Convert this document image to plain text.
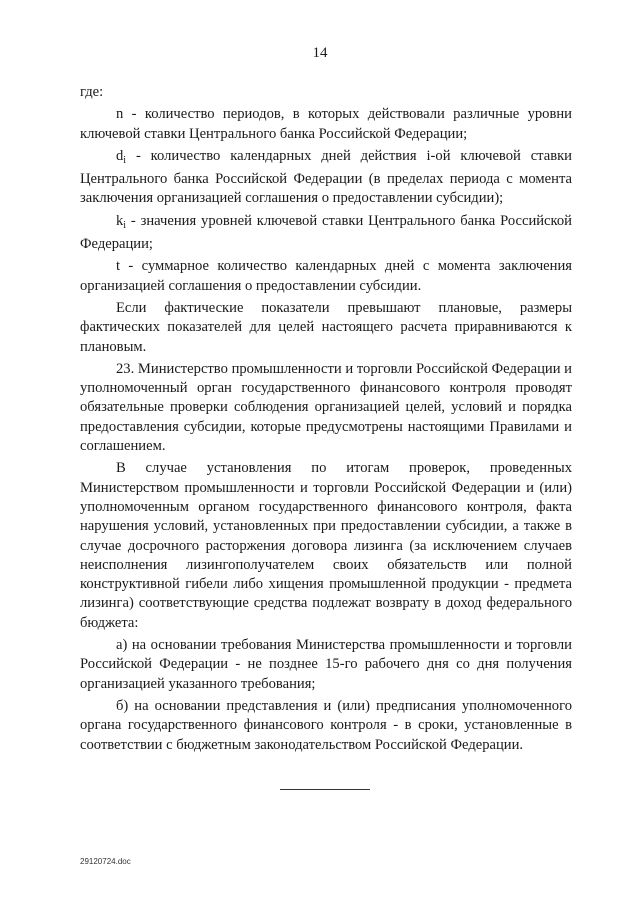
14

где:

n - количество периодов, в которых действовали различные уровни ключевой ставки Центрального банка Российской Федерации;

$d_i$ - количество календарных дней действия i-ой ключевой ставки Центрального банка Российской Федерации (в пределах периода с момента заключения организацией соглашения о предоставлении субсидии);

$k_i$ - значения уровней ключевой ставки Центрального банка Российской Федерации;

t - суммарное количество календарных дней с момента заключения организацией соглашения о предоставлении субсидии.

Если фактические показатели превышают плановые, размеры фактических показателей для целей настоящего расчета приравниваются к плановым.

23. Министерство промышленности и торговли Российской Федерации и уполномоченный орган государственного финансового контроля проводят обязательные проверки соблюдения организацией целей, условий и порядка предоставления субсидии, которые предусмотрены настоящими Правилами и соглашением.

В случае установления по итогам проверок, проведенных Министерством промышленности и торговли Российской Федерации и (или) уполномоченным органом государственного финансового контроля, факта нарушения условий, установленных при предоставлении субсидии, а также в случае досрочного расторжения договора лизинга (за исключением случаев неисполнения лизингополучателем своих обязательств или полной конструктивной гибели либо хищения промышленной продукции - предмета лизинга) соответствующие средства подлежат возврату в доход федерального бюджета:

а) на основании требования Министерства промышленности и торговли Российской Федерации - не позднее 15-го рабочего дня со дня получения организацией указанного требования;

б) на основании представления и (или) предписания уполномоченного органа государственного финансового контроля - в сроки, установленные в соответствии с бюджетным законодательством Российской Федерации.

29120724.doc
